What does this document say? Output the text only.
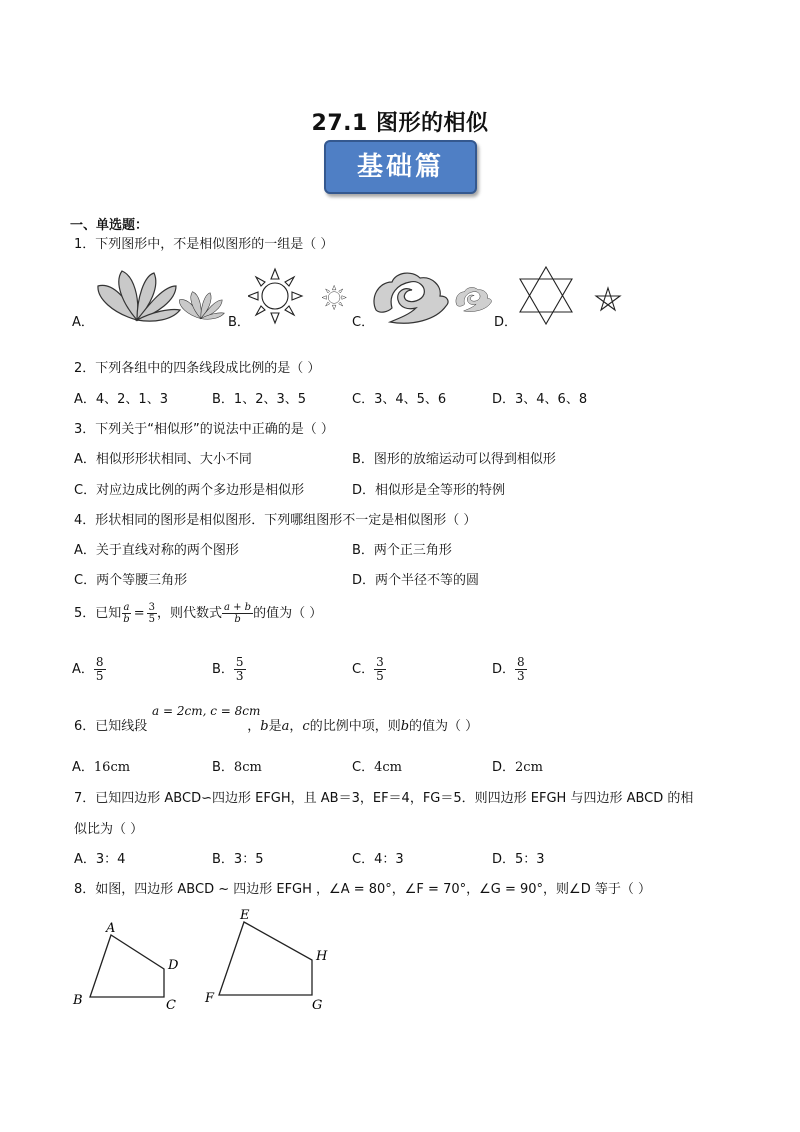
27.1 图形的相似
基础篇
一、单选题：
1．下列图形中，不是相似图形的一组是（ ）
A．	B．	C．	D．
2．下列各组中的四条线段成比例的是（ ）
A．4、2、1、3	B．1、2、3、5	C．3、4、5、6	D．3、4、6、8
3．下列关于“相似形”的说法中正确的是（ ）
A．相似形形状相同、大小不同	B．图形的放缩运动可以得到相似形
C．对应边成比例的两个多边形是相似形	D．相似形是全等形的特例
4．形状相同的图形是相似图形．下列哪组图形不一定是相似图形（ ）
A．关于直线对称的两个图形	B．两个正三角形
C．两个等腰三角形	D．两个半径不等的圆
5．已知 $\frac{a}{b} = \frac{3}{5}$ ，则代数式 $\frac{a + b}{b}$ 的值为（ ）
A． $\frac{8}{5}$	B． $\frac{5}{3}$	C． $\frac{3}{5}$	D． $\frac{8}{3}$
a = 2cm, c = 8cm
6．已知线段	，b是a，c的比例中项，则b的值为（ ）
A．16cm	B．8cm	C．4cm	D．2cm
7．已知四边形 ABCD∽四边形 EFGH，且 AB＝3，EF＝4，FG＝5．则四边形 EFGH 与四边形 ABCD 的相
似比为（ ）
A．3：4	B．3：5	C．4：3	D．5：3
8．如图，四边形 ABCD ~ 四边形 EFGH ，∠A = 80°，∠F = 70°，∠G = 90°，则∠D 等于（ ）
A
B	C
D
E
F	G
H
